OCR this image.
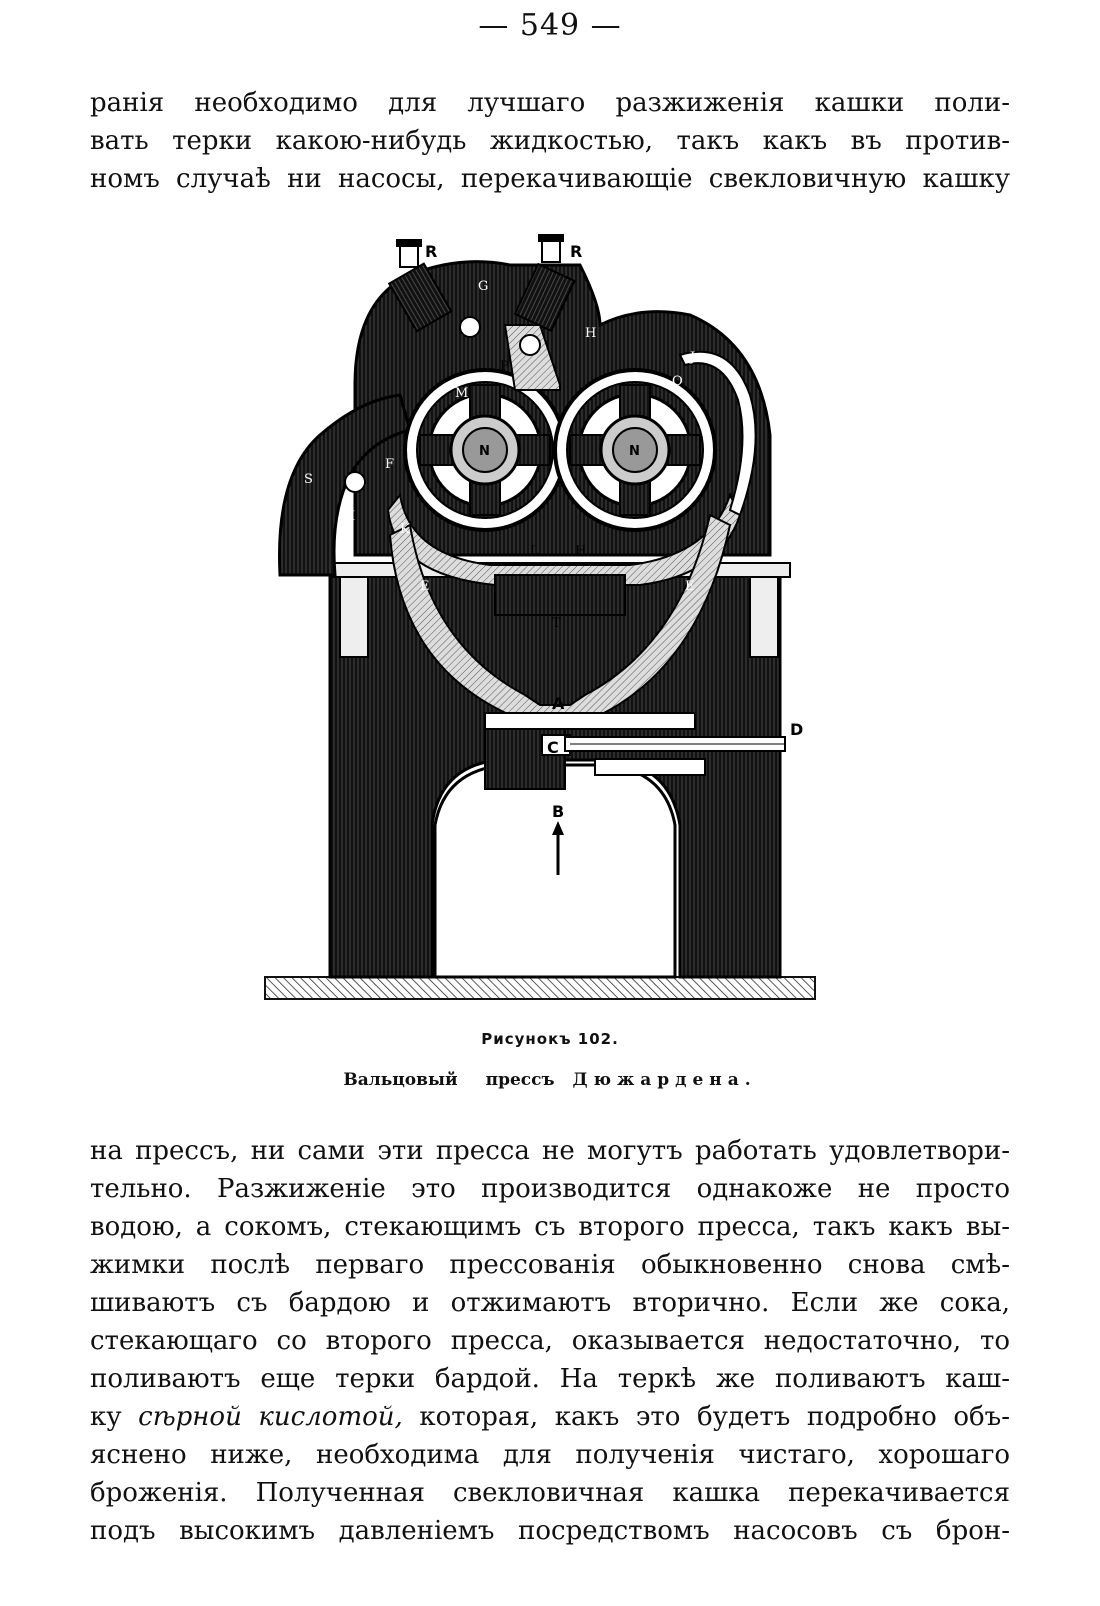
— 549 —
ранія необходимо для лучшаго разжиженія кашки поли-
вать терки какою-нибудь жидкостью, такъ какъ въ против-
номъ случаѣ ни насосы, перекачивающіе свекловичную кашку
R	R
D
B
C
A
N	N
G
S
I
K
E	E
J
O
M
F
H
P
L	H
T
Рисунокъ 102.
Вальцовый прессъ Дюжардена.
на прессъ, ни сами эти пресса не могутъ работать удовлетвори-
тельно. Разжиженіе это производится однакоже не просто
водою, а сокомъ, стекающимъ съ второго пресса, такъ какъ вы-
жимки послѣ перваго прессованія обыкновенно снова смѣ-
шиваютъ съ бардою и отжимаютъ вторично. Если же сока,
стекающаго со второго пресса, оказывается недостаточно, то
поливаютъ еще терки бардой. На теркѣ же поливаютъ каш-
ку сѣрной кислотой, которая, какъ это будетъ подробно объ-
яснено ниже, необходима для полученія чистаго, хорошаго
броженія. Полученная свекловичная кашка перекачивается
подъ высокимъ давленіемъ посредствомъ насосовъ съ брон-
